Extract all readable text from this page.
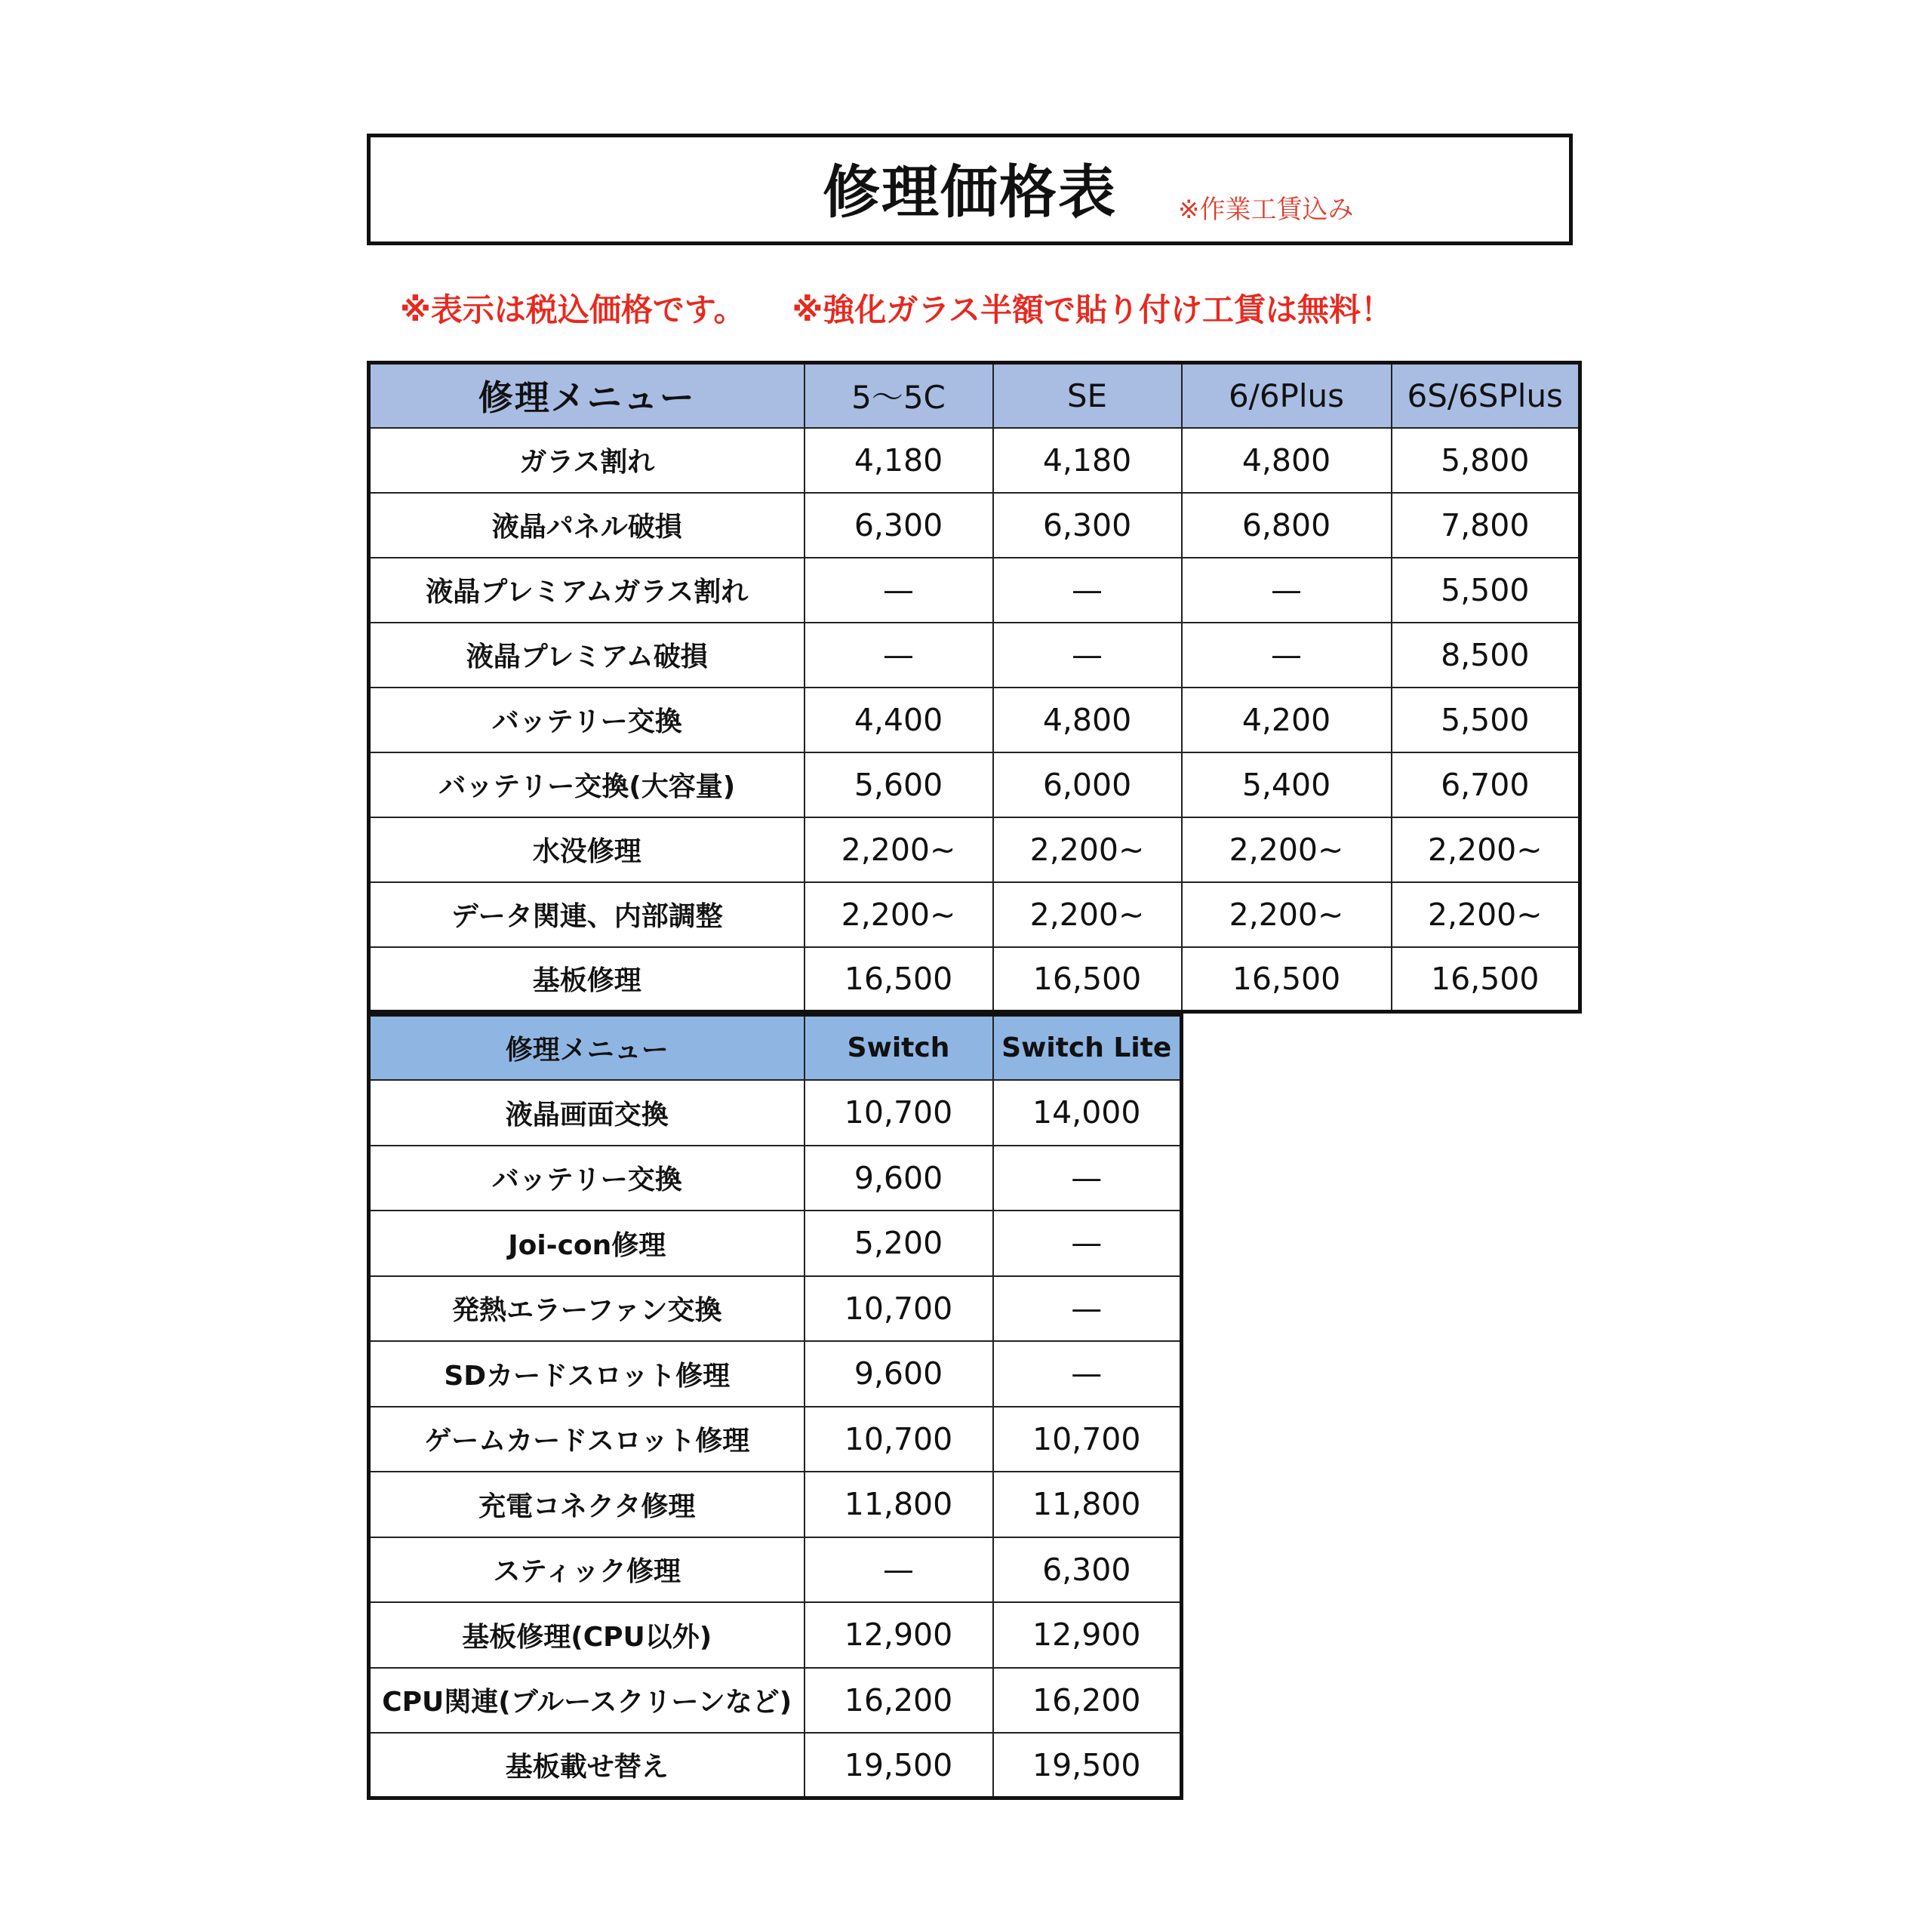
修理価格表	※作業工賃込み
※表示は税込価格です。 ※強化ガラス半額で貼り付け工賃は無料！
修理メニュー	5〜5C	SE	6/6Plus	6S/6SPlus
ガラス割れ	4,180	4,180	4,800	5,800
液晶パネル破損	6,300	6,300	6,800	7,800
液晶プレミアムガラス割れ	—	—	—	5,500
液晶プレミアム破損	—	—	—	8,500
バッテリー交換	4,400	4,800	4,200	5,500
バッテリー交換(大容量)	5,600	6,000	5,400	6,700
水没修理	2,200~	2,200~	2,200~	2,200~
データ関連、内部調整	2,200~	2,200~	2,200~	2,200~
基板修理	16,500	16,500	16,500	16,500
修理メニュー	Switch	Switch Lite
液晶画面交換	10,700	14,000
バッテリー交換	9,600	—
Joi-con修理	5,200	—
発熱エラーファン交換	10,700	—
SDカードスロット修理	9,600	—
ゲームカードスロット修理	10,700	10,700
充電コネクタ修理	11,800	11,800
スティック修理	—	6,300
基板修理(CPU以外)	12,900	12,900
CPU関連(ブルースクリーンなど)	16,200	16,200
基板載せ替え	19,500	19,500
